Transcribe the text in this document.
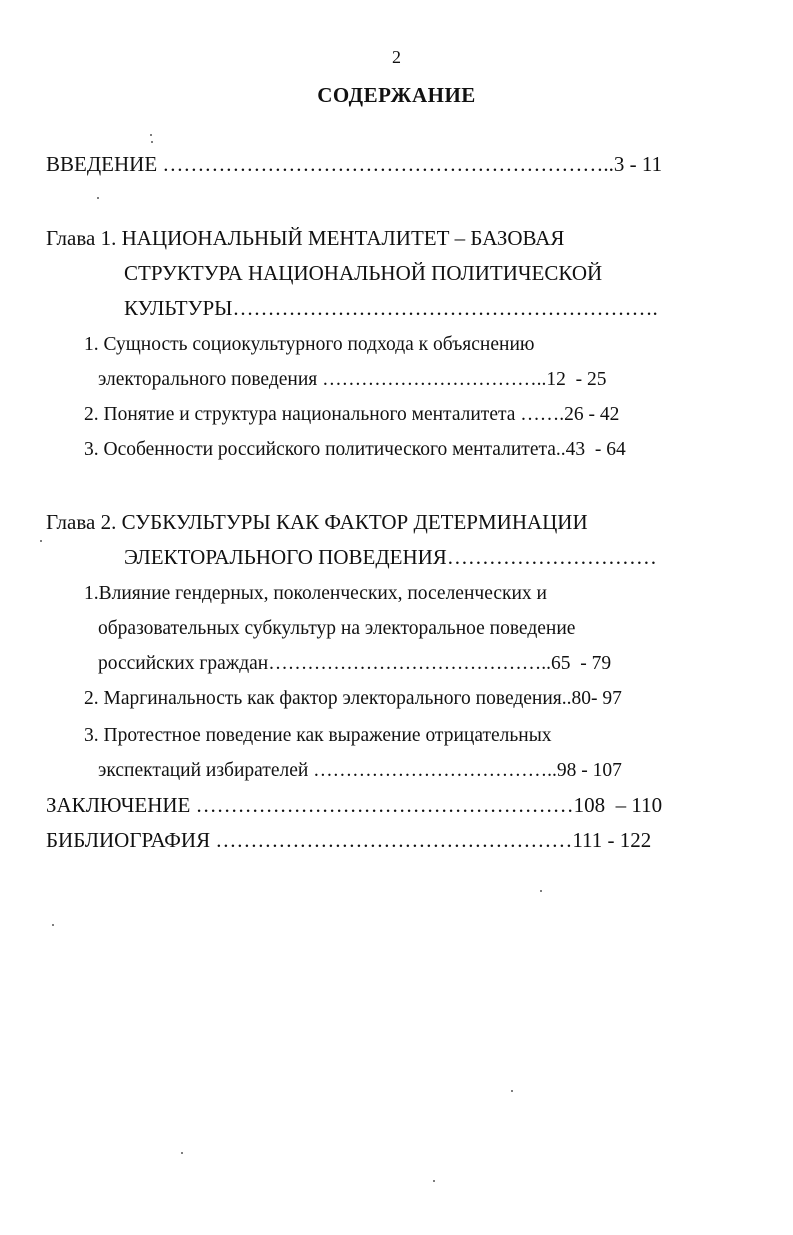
2
СОДЕРЖАНИЕ
ВВЕДЕНИЕ ………………………………………………………..3 - 11
Глава 1. НАЦИОНАЛЬНЫЙ МЕНТАЛИТЕТ – БАЗОВАЯ
СТРУКТУРА НАЦИОНАЛЬНОЙ ПОЛИТИЧЕСКОЙ
КУЛЬТУРЫ…………………………………………………….
1. Сущность социокультурного подхода к объяснению
электорального поведения ……………………………..12  - 25
2. Понятие и структура национального менталитета …….26 - 42
3. Особенности российского политического менталитета..43  - 64
Глава 2. СУБКУЛЬТУРЫ КАК ФАКТОР ДЕТЕРМИНАЦИИ
ЭЛЕКТОРАЛЬНОГО ПОВЕДЕНИЯ…………………………
1.Влияние гендерных, поколенческих, поселенческих и
образовательных субкультур на электоральное поведение
российских граждан……………………………………..65  - 79
2. Маргинальность как фактор электорального поведения..80- 97
3. Протестное поведение как выражение отрицательных
экспектаций избирателей ………………………………..98 - 107
ЗАКЛЮЧЕНИЕ ………………………………………………108  – 110
БИБЛИОГРАФИЯ ……………………………………………111 - 122
